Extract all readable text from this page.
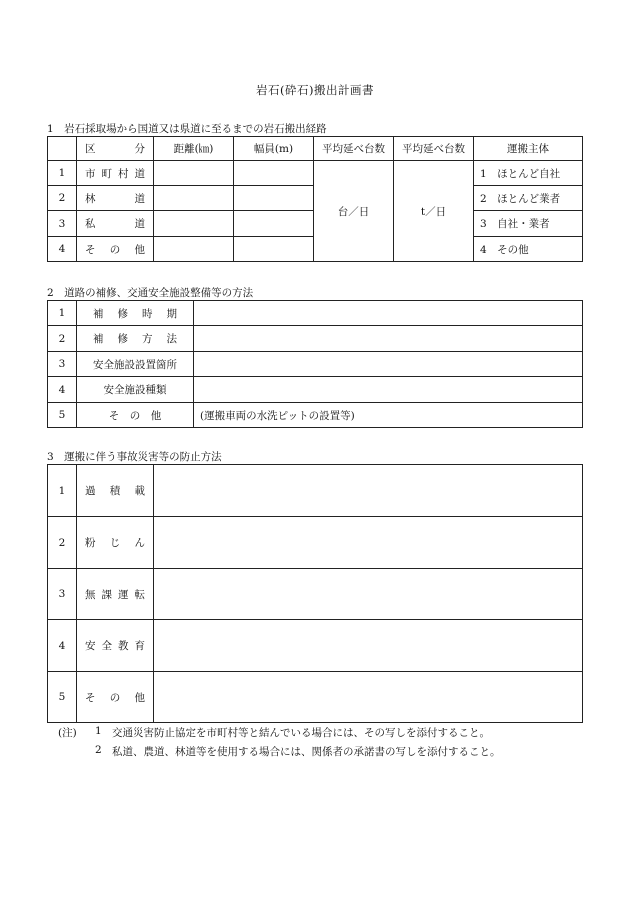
岩石(砕石)搬出計画書
1　岩石採取場から国道又は県道に至るまでの岩石搬出経路
	区　　分	距離(㎞)	幅員(m)	平均延べ台数	平均延べ台数	運搬主体
1	市町村道			台／日	t／日	1　ほとんど自社
2	林　　道					2　ほとんど業者
3	私　　道					3　自社・業者
4	そ の 他					4　その他
2　道路の補修、交通安全施設整備等の方法
1	補修時期	
2	補修方法	
3	安全施設設置箇所	
4	安全施設種類	
5	そ　の　他	(運搬車両の水洗ピットの設置等)
3　運搬に伴う事故災害等の防止方法
1	過 積 載	
2	粉 じ ん	
3	無課運転	
4	安全教育	
5	そ の 他	
(注) 1 交通災害防止協定を市町村等と結んでいる場合には、その写しを添付すること。
2 私道、農道、林道等を使用する場合には、関係者の承諾書の写しを添付すること。
